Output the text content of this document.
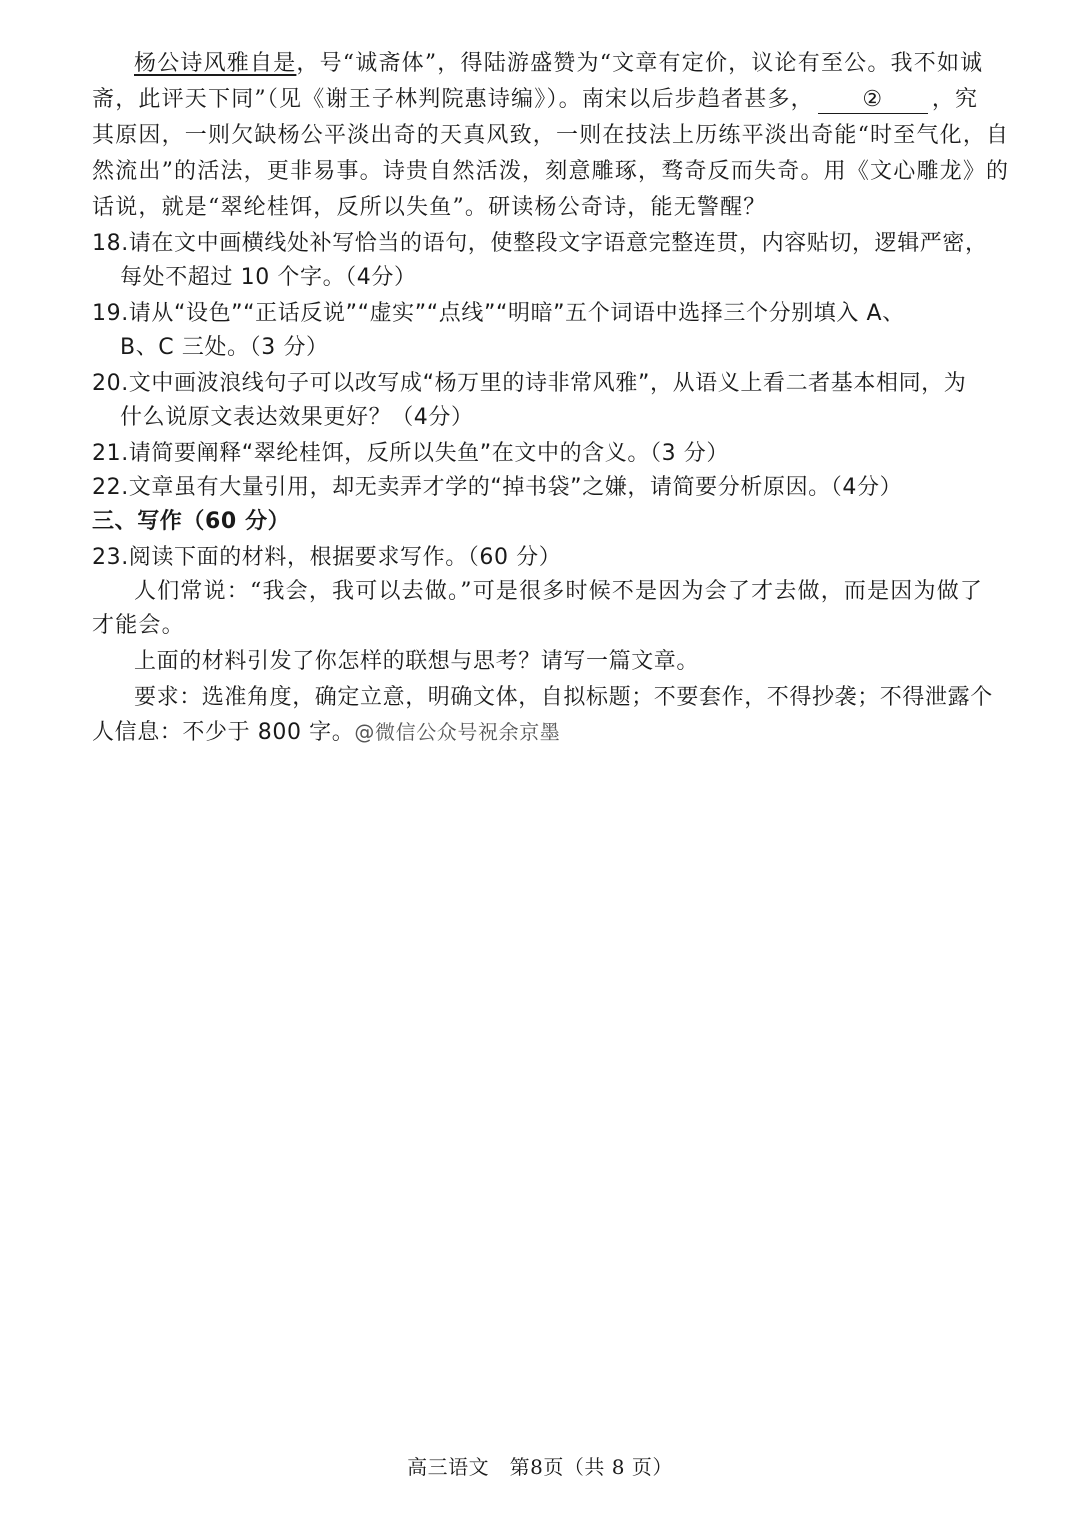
杨公诗风雅自是，号“诚斋体”，得陆游盛赞为“文章有定价，议论有至公。我不如诚
斋，此评天下同”（见《谢王子林判院惠诗编》）。南宋以后步趋者甚多， ② ，究
其原因，一则欠缺杨公平淡出奇的天真风致，一则在技法上历练平淡出奇能“时至气化，自
然流出”的活法，更非易事。诗贵自然活泼，刻意雕琢，骛奇反而失奇。用《文心雕龙》的
话说，就是“翠纶桂饵，反所以失鱼”。研读杨公奇诗，能无警醒？
18.请在文中画横线处补写恰当的语句，使整段文字语意完整连贯，内容贴切，逻辑严密，
每处不超过 10 个字。（4分）
19.请从“设色”“正话反说”“虚实”“点线”“明暗”五个词语中选择三个分别填入 A、
B、C 三处。（3 分）
20.文中画波浪线句子可以改写成“杨万里的诗非常风雅”，从语义上看二者基本相同，为
什么说原文表达效果更好？（4分）
21.请简要阐释“翠纶桂饵，反所以失鱼”在文中的含义。（3 分）
22.文章虽有大量引用，却无卖弄才学的“掉书袋”之嫌，请简要分析原因。（4分）
三、写作（60 分）
23.阅读下面的材料，根据要求写作。（60 分）
人们常说：“我会，我可以去做。”可是很多时候不是因为会了才去做，而是因为做了
才能会。
上面的材料引发了你怎样的联想与思考？请写一篇文章。
要求：选准角度，确定立意，明确文体，自拟标题；不要套作，不得抄袭；不得泄露个
人信息：不少于 800 字。@微信公众号祝余京墨
高三语文　第8页（共 8 页）
